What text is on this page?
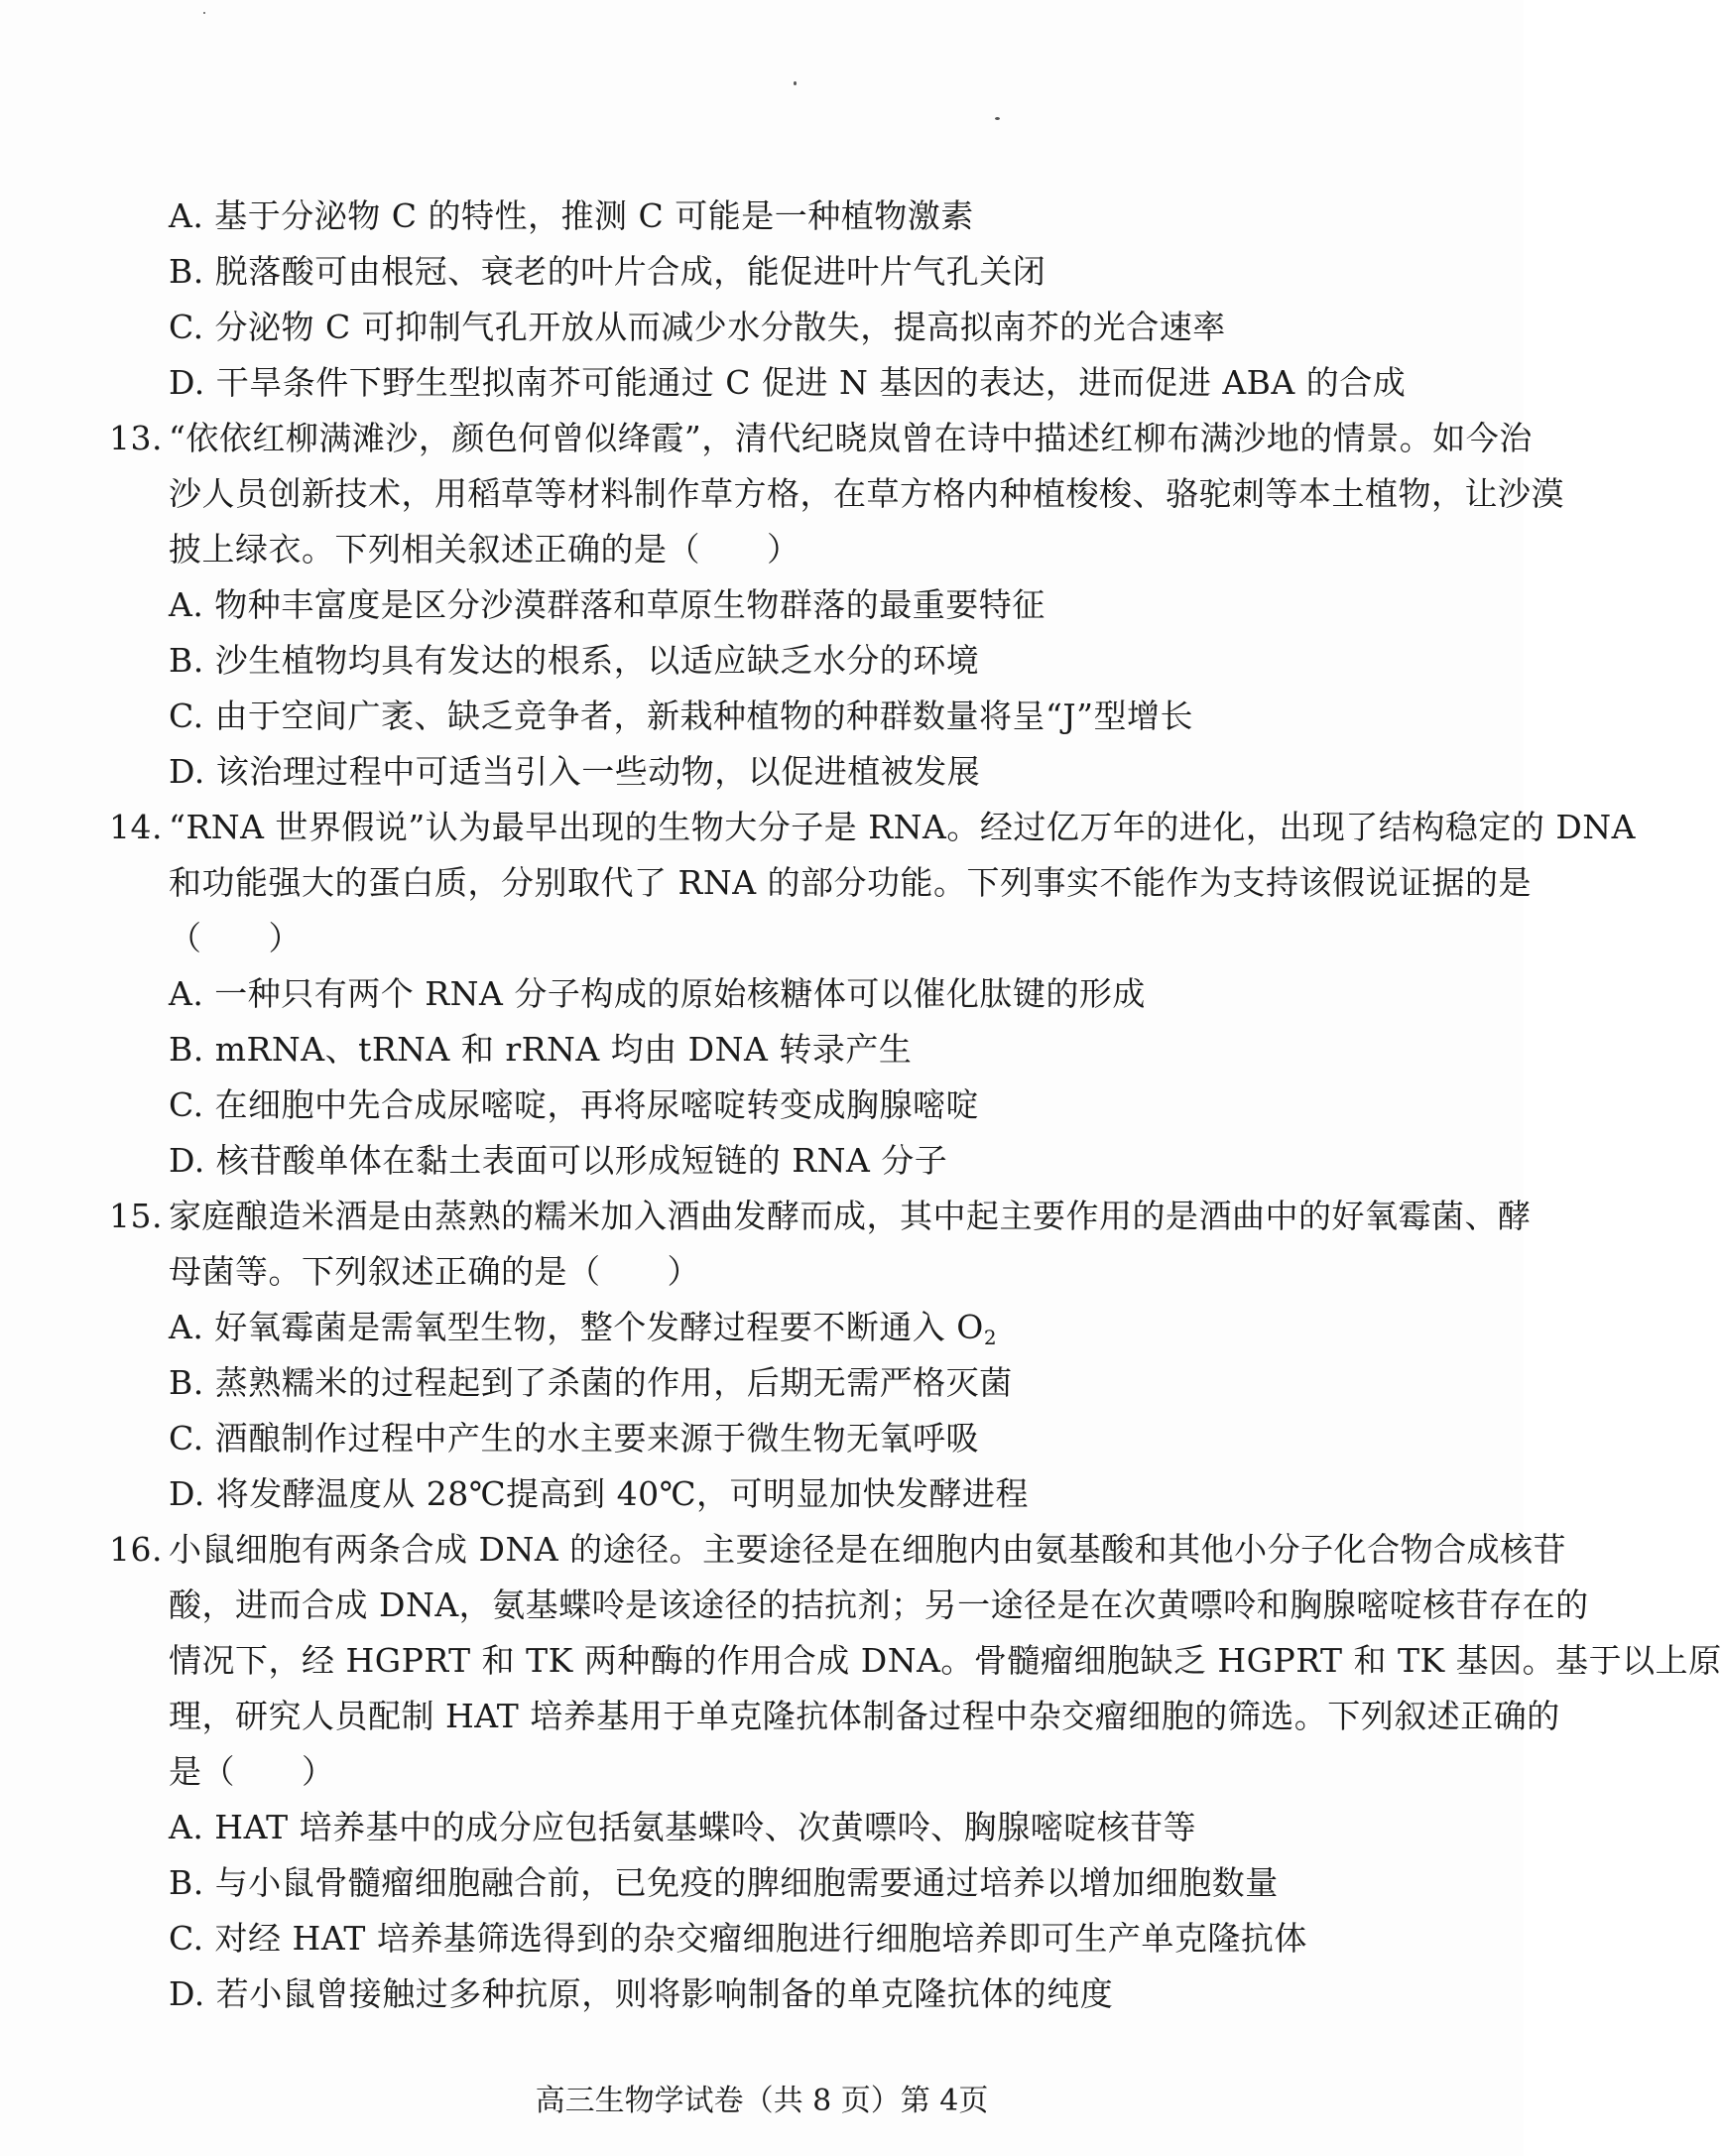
A. 基于分泌物 C 的特性，推测 C 可能是一种植物激素
B. 脱落酸可由根冠、衰老的叶片合成，能促进叶片气孔关闭
C. 分泌物 C 可抑制气孔开放从而减少水分散失，提高拟南芥的光合速率
D. 干旱条件下野生型拟南芥可能通过 C 促进 N 基因的表达，进而促进 ABA 的合成
13. “依依红柳满滩沙，颜色何曾似绛霞”，清代纪晓岚曾在诗中描述红柳布满沙地的情景。如今治
沙人员创新技术，用稻草等材料制作草方格，在草方格内种植梭梭、骆驼刺等本土植物，让沙漠
披上绿衣。下列相关叙述正确的是（　　）
A. 物种丰富度是区分沙漠群落和草原生物群落的最重要特征
B. 沙生植物均具有发达的根系，以适应缺乏水分的环境
C. 由于空间广袤、缺乏竞争者，新栽种植物的种群数量将呈“J”型增长
D. 该治理过程中可适当引入一些动物，以促进植被发展
14. “RNA 世界假说”认为最早出现的生物大分子是 RNA。经过亿万年的进化，出现了结构稳定的 DNA
和功能强大的蛋白质，分别取代了 RNA 的部分功能。下列事实不能作为支持该假说证据的是
（　　）
A. 一种只有两个 RNA 分子构成的原始核糖体可以催化肽键的形成
B. mRNA、tRNA 和 rRNA 均由 DNA 转录产生
C. 在细胞中先合成尿嘧啶，再将尿嘧啶转变成胸腺嘧啶
D. 核苷酸单体在黏土表面可以形成短链的 RNA 分子
15. 家庭酿造米酒是由蒸熟的糯米加入酒曲发酵而成，其中起主要作用的是酒曲中的好氧霉菌、酵
母菌等。下列叙述正确的是（　　）
A. 好氧霉菌是需氧型生物，整个发酵过程要不断通入 $O_2$
B. 蒸熟糯米的过程起到了杀菌的作用，后期无需严格灭菌
C. 酒酿制作过程中产生的水主要来源于微生物无氧呼吸
D. 将发酵温度从 28℃提高到 40℃，可明显加快发酵进程
16. 小鼠细胞有两条合成 DNA 的途径。主要途径是在细胞内由氨基酸和其他小分子化合物合成核苷
酸，进而合成 DNA，氨基蝶呤是该途径的拮抗剂；另一途径是在次黄嘌呤和胸腺嘧啶核苷存在的
情况下，经 HGPRT 和 TK 两种酶的作用合成 DNA。骨髓瘤细胞缺乏 HGPRT 和 TK 基因。基于以上原
理，研究人员配制 HAT 培养基用于单克隆抗体制备过程中杂交瘤细胞的筛选。下列叙述正确的
是（　　）
A. HAT 培养基中的成分应包括氨基蝶呤、次黄嘌呤、胸腺嘧啶核苷等
B. 与小鼠骨髓瘤细胞融合前，已免疫的脾细胞需要通过培养以增加细胞数量
C. 对经 HAT 培养基筛选得到的杂交瘤细胞进行细胞培养即可生产单克隆抗体
D. 若小鼠曾接触过多种抗原，则将影响制备的单克隆抗体的纯度
高三生物学试卷（共 8 页）第 4页
